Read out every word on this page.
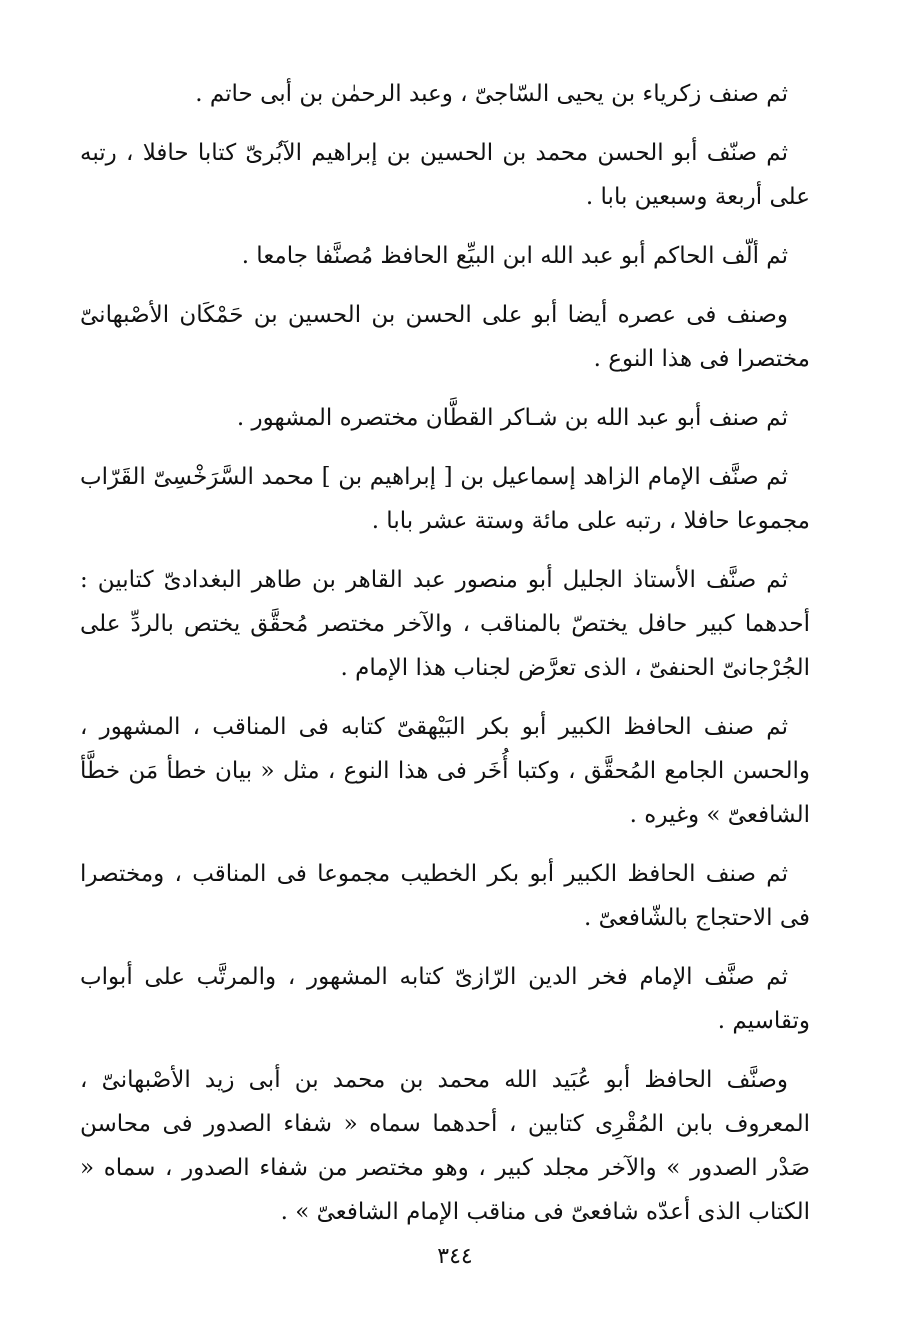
ثم صنف زكرياء بن يحيى السّاجىّ ، وعبد الرحمٰن بن أبى حاتم .

ثم صنّف أبو الحسن محمد بن الحسين بن إبراهيم الآبُرىّ كتابا حافلا ، رتبه على أربعة وسبعين بابا .

ثم ألّف الحاكم أبو عبد الله ابن البيِّع الحافظ مُصنَّفا جامعا .

وصنف فى عصره أيضا أبو على الحسن بن الحسين بن حَمْكَان الأصْبهانىّ مختصرا فى هذا النوع .

ثم صنف أبو عبد الله بن شـاكر القطَّان مختصره المشهور .

ثم صنَّف الإمام الزاهد إسماعيل بن [ إبراهيم بن ] محمد السَّرَخْسِىّ القَرّاب مجموعا حافلا ، رتبه على مائة وستة عشر بابا .

ثم صنَّف الأستاذ الجليل أبو منصور عبد القاهر بن طاهر البغدادىّ كتابين : أحدهما كبير حافل يختصّ بالمناقب ، والآخر مختصر مُحقَّق يختص بالردِّ على الجُرْجانىّ الحنفىّ ، الذى تعرَّض لجناب هذا الإمام .

ثم صنف الحافظ الكبير أبو بكر البَيْهقىّ كتابه فى المناقب ، المشهور ، والحسن الجامع المُحقَّق ، وكتبا أُخَر فى هذا النوع ، مثل « بيان خطأ مَن خطَّأ الشافعىّ » وغيره .

ثم صنف الحافظ الكبير أبو بكر الخطيب مجموعا فى المناقب ، ومختصرا فى الاحتجاج بالشّافعىّ .

ثم صنَّف الإمام فخر الدين الرّازىّ كتابه المشهور ، والمرتَّب على أبواب وتقاسيم .

وصنَّف الحافظ أبو عُبَيد الله محمد بن محمد بن أبى زيد الأصْبهانىّ ، المعروف بابن المُقْرِى كتابين ، أحدهما سماه « شفاء الصدور فى محاسن صَدْر الصدور » والآخر مجلد كبير ، وهو مختصر من شفاء الصدور ، سماه « الكتاب الذى أعدّه شافعىّ فى مناقب الإمام الشافعىّ » .

٣٤٤
